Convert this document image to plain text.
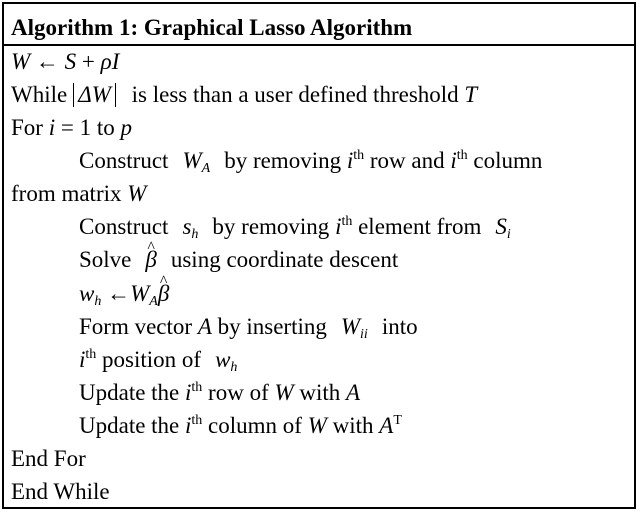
Algorithm 1: Graphical Lasso Algorithm
W ← S + ρI
While ΔW is less than a user defined threshold T
For i = 1 to p
Construct $W_A$ by removing $i^{th}$ row and $i^{th}$ column
from matrix W
Construct $s_h$ by removing $i^{th}$ element from $S_i$
Solve^ β using coordinate descent
$w_h$ $\leftarrow W_A\^{}$ β
Form vector A by inserting $W_{ii}$ into
$i^{th}$ position of $w_h$
Update the $i^{th}$ row of W with A
Update the $i^{th}$ column of W with $A^T$
End For
End While
